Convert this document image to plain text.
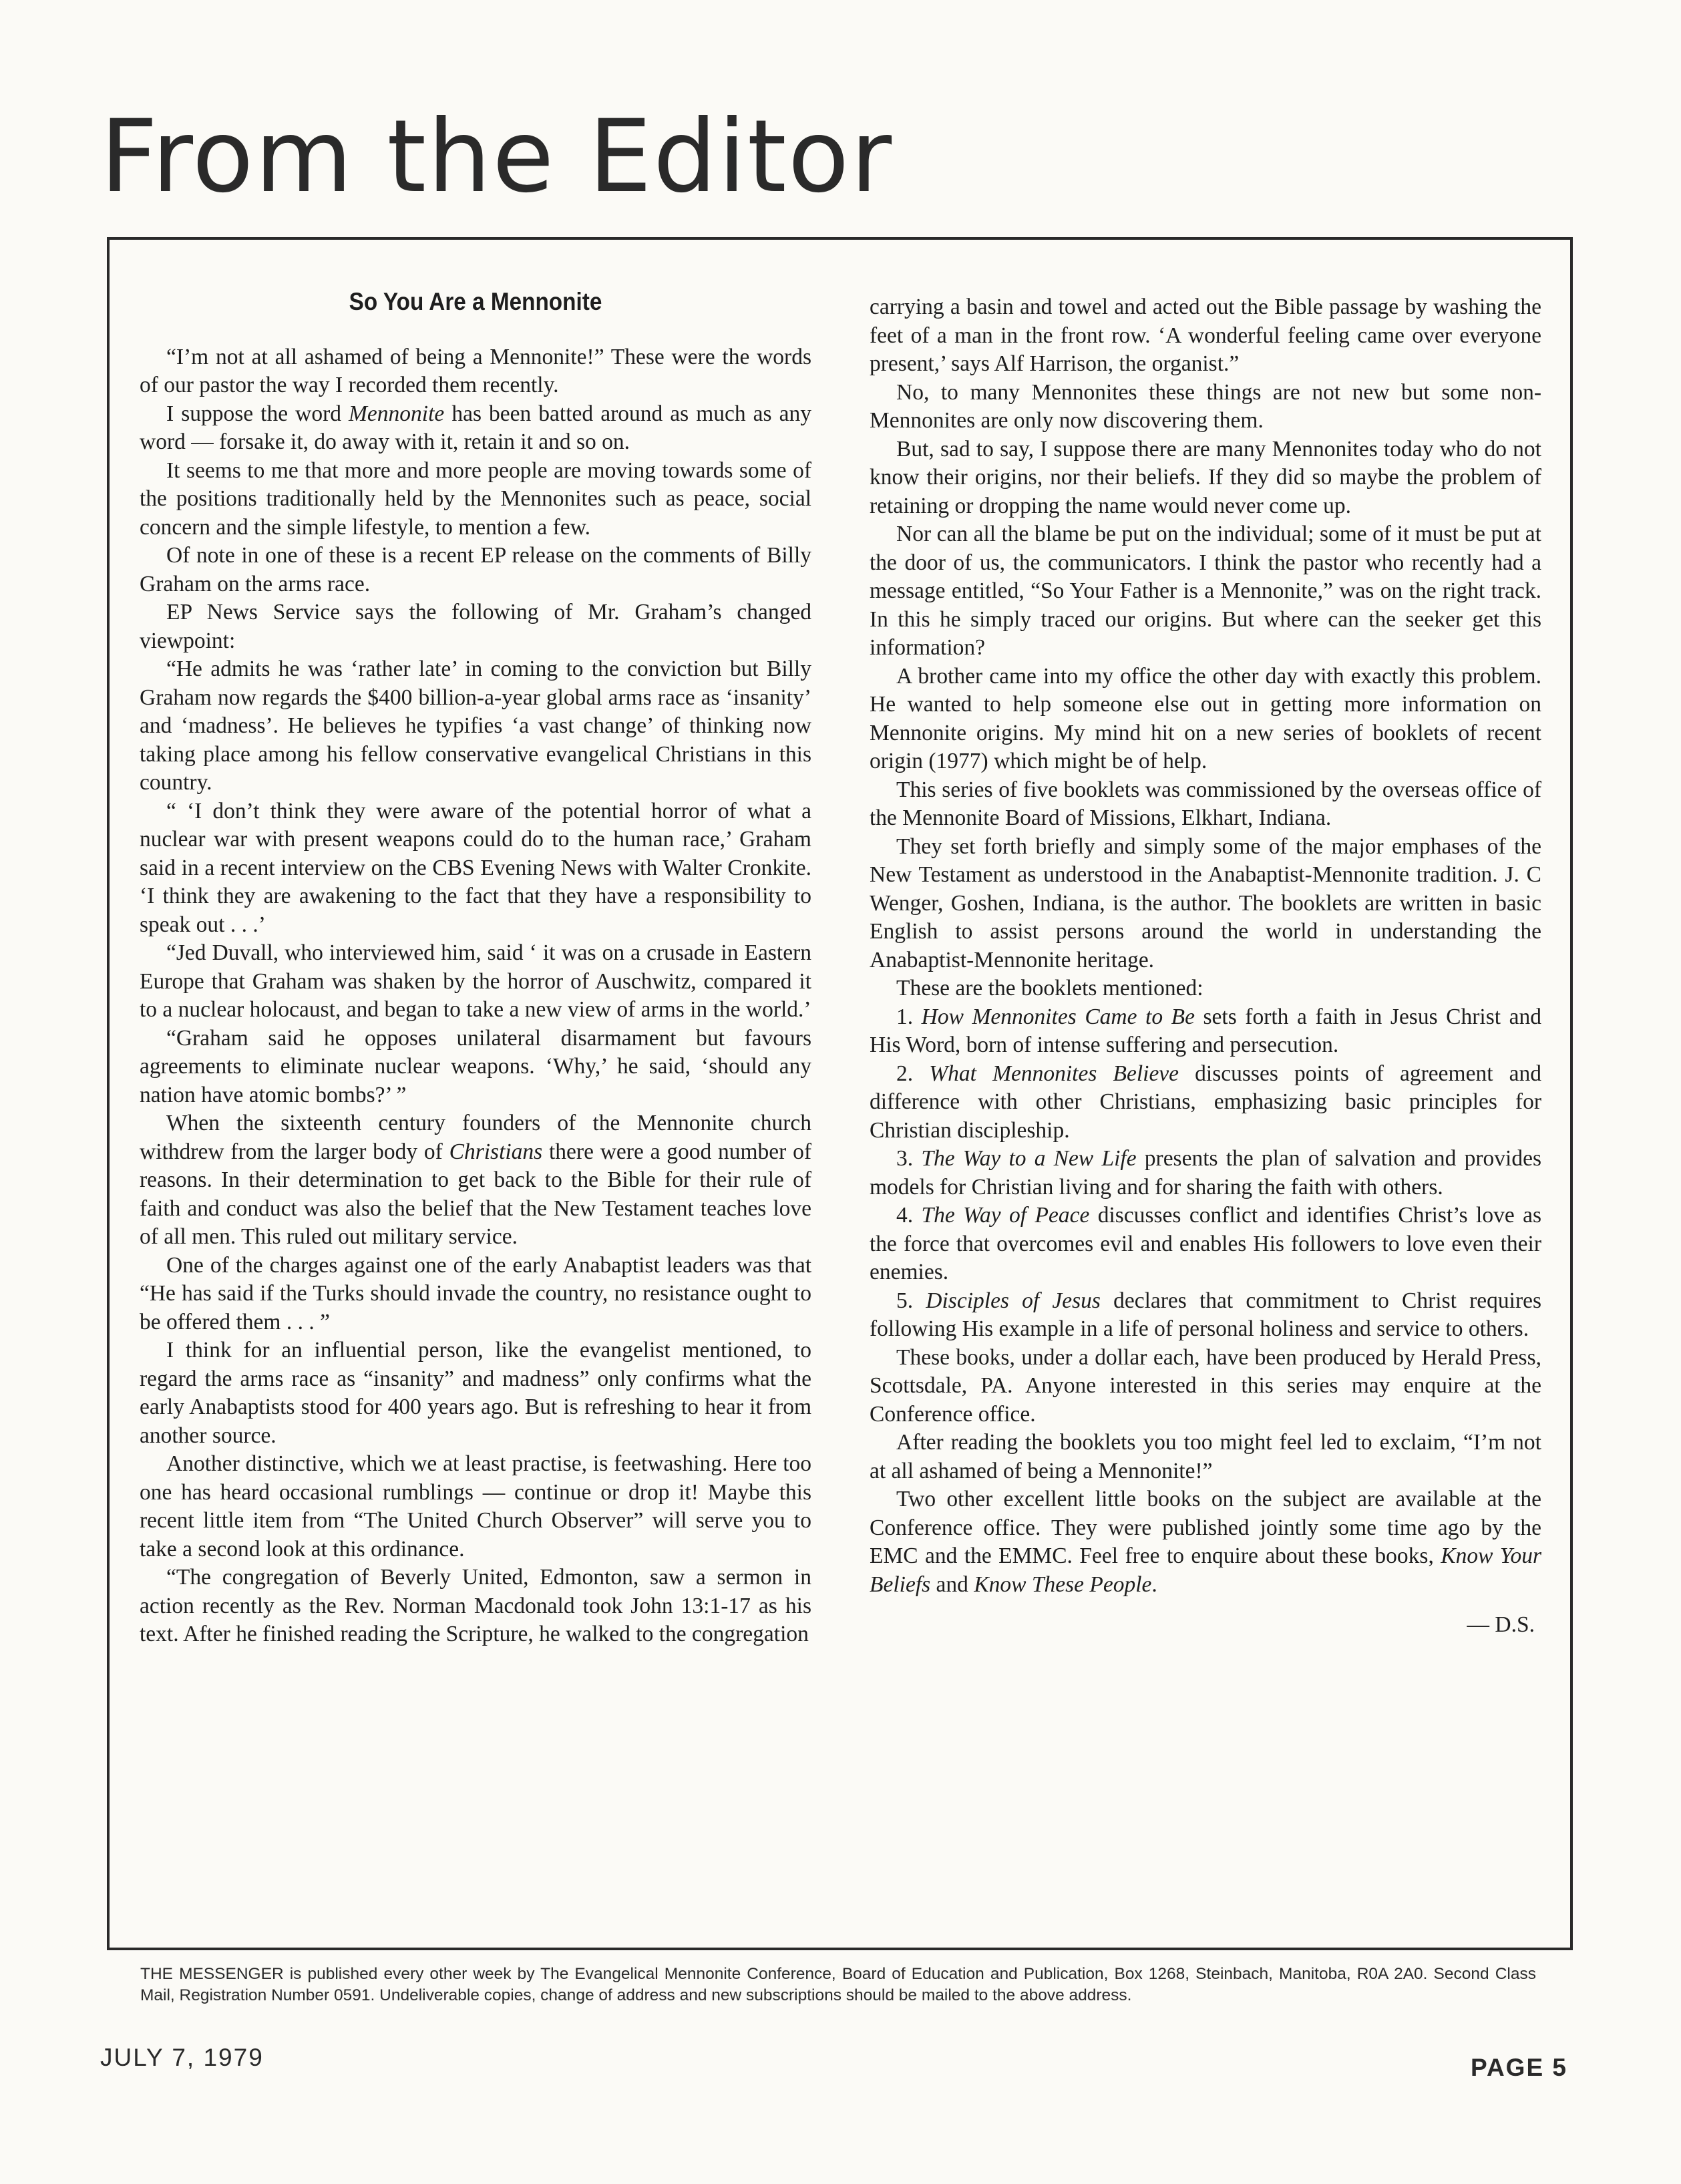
From the Editor
So You Are a Mennonite

“I’m not at all ashamed of being a Mennonite!” These were the words of our pastor the way I recorded them recently.

I suppose the word Mennonite has been batted around as much as any word — forsake it, do away with it, retain it and so on.

It seems to me that more and more people are moving towards some of the positions traditionally held by the Mennonites such as peace, social concern and the simple lifestyle, to mention a few.

Of note in one of these is a recent EP release on the comments of Billy Graham on the arms race.

EP News Service says the following of Mr. Graham’s changed viewpoint:

“He admits he was ‘rather late’ in coming to the conviction but Billy Graham now regards the $400 billion-a-year global arms race as ‘insanity’ and ‘madness’. He believes he typifies ‘a vast change’ of thinking now taking place among his fellow conservative evangelical Christians in this country.

“ ‘I don’t think they were aware of the potential horror of what a nuclear war with present weapons could do to the human race,’ Graham said in a recent interview on the CBS Evening News with Walter Cronkite. ‘I think they are awakening to the fact that they have a responsibility to speak out . . .’

“Jed Duvall, who interviewed him, said ‘ it was on a crusade in Eastern Europe that Graham was shaken by the horror of Auschwitz, compared it to a nuclear holocaust, and began to take a new view of arms in the world.’

“Graham said he opposes unilateral disarmament but favours agreements to eliminate nuclear weapons. ‘Why,’ he said, ‘should any nation have atomic bombs?’ ”

When the sixteenth century founders of the Mennonite church withdrew from the larger body of Christians there were a good number of reasons. In their determination to get back to the Bible for their rule of faith and conduct was also the belief that the New Testament teaches love of all men. This ruled out military service.

One of the charges against one of the early Anabaptist leaders was that “He has said if the Turks should invade the country, no resistance ought to be offered them . . . ”

I think for an influential person, like the evangelist mentioned, to regard the arms race as “insanity” and madness” only confirms what the early Anabaptists stood for 400 years ago. But is refreshing to hear it from another source.

Another distinctive, which we at least practise, is feetwashing. Here too one has heard occasional rumblings — continue or drop it! Maybe this recent little item from “The United Church Observer” will serve you to take a second look at this ordinance.

“The congregation of Beverly United, Edmonton, saw a sermon in action recently as the Rev. Norman Macdonald took John 13:1-17 as his text. After he finished reading the Scripture, he walked to the congregation

carrying a basin and towel and acted out the Bible passage by washing the feet of a man in the front row. ‘A wonderful feeling came over everyone present,’ says Alf Harrison, the organist.”

No, to many Mennonites these things are not new but some non-Mennonites are only now discovering them.

But, sad to say, I suppose there are many Mennonites today who do not know their origins, nor their beliefs. If they did so maybe the problem of retaining or dropping the name would never come up.

Nor can all the blame be put on the individual; some of it must be put at the door of us, the communicators. I think the pastor who recently had a message entitled, “So Your Father is a Mennonite,” was on the right track. In this he simply traced our origins. But where can the seeker get this information?

A brother came into my office the other day with exactly this problem. He wanted to help someone else out in getting more information on Mennonite origins. My mind hit on a new series of booklets of recent origin (1977) which might be of help.

This series of five booklets was commissioned by the overseas office of the Mennonite Board of Missions, Elkhart, Indiana.

They set forth briefly and simply some of the major emphases of the New Testament as understood in the Anabaptist-Mennonite tradition. J. C Wenger, Goshen, Indiana, is the author. The booklets are written in basic English to assist persons around the world in understanding the Anabaptist-Mennonite heritage.

These are the booklets mentioned:

1. How Mennonites Came to Be sets forth a faith in Jesus Christ and His Word, born of intense suffering and persecution.

2. What Mennonites Believe discusses points of agreement and difference with other Christians, emphasizing basic principles for Christian discipleship.

3. The Way to a New Life presents the plan of salvation and provides models for Christian living and for sharing the faith with others.

4. The Way of Peace discusses conflict and identifies Christ’s love as the force that overcomes evil and enables His followers to love even their enemies.

5. Disciples of Jesus declares that commitment to Christ requires following His example in a life of personal holiness and service to others.

These books, under a dollar each, have been produced by Herald Press, Scottsdale, PA. Anyone interested in this series may enquire at the Conference office.

After reading the booklets you too might feel led to exclaim, “I’m not at all ashamed of being a Mennonite!”

Two other excellent little books on the subject are available at the Conference office. They were published jointly some time ago by the EMC and the EMMC. Feel free to enquire about these books, Know Your Beliefs and Know These People.

— D.S.
THE MESSENGER is published every other week by The Evangelical Mennonite Conference, Board of Education and Publication, Box 1268, Steinbach, Manitoba, R0A 2A0. Second Class Mail, Registration Number 0591. Undeliverable copies, change of address and new subscriptions should be mailed to the above address.

JULY 7, 1979	PAGE 5
